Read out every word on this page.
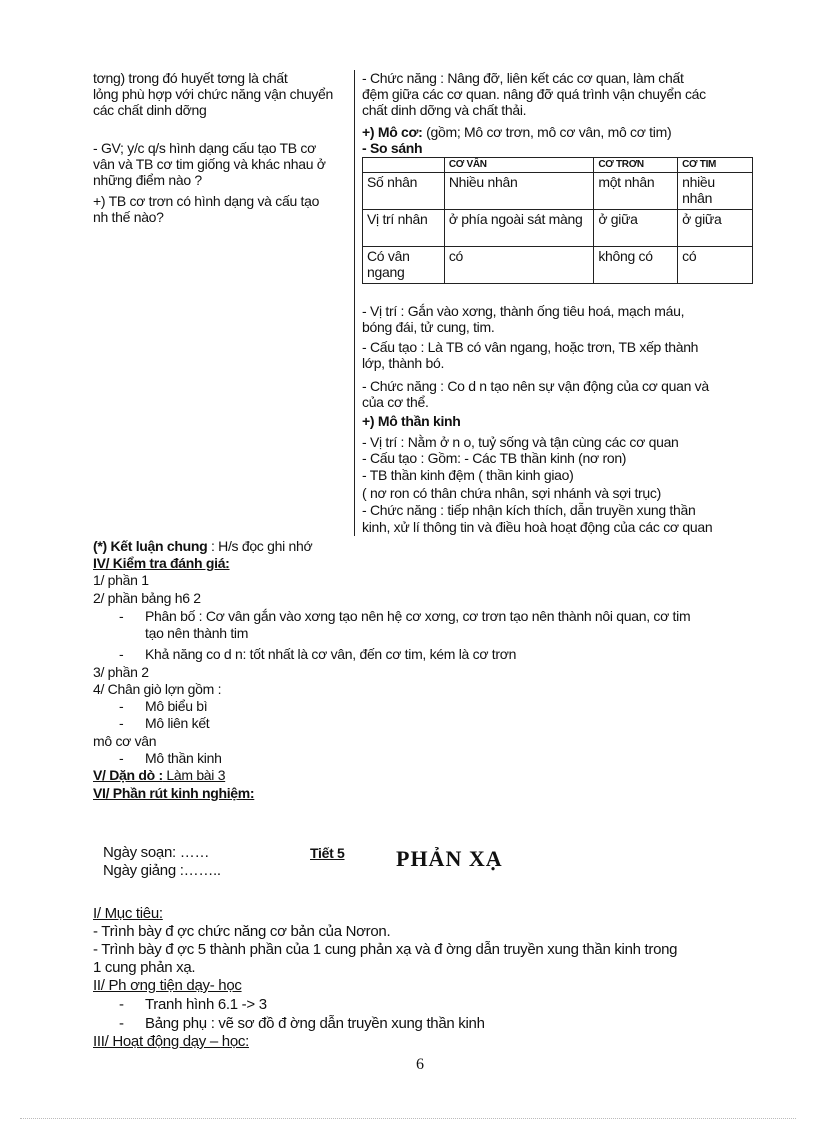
tơng) trong đó huyết tơng là chất
lỏng phù hợp với chức năng vận chuyển
các chất dinh dỡng
- GV; y/c q/s hình dạng cấu tạo TB cơ
vân và TB cơ tim giống và khác nhau ở
những điểm nào ?
+) TB cơ trơn có hình dạng và cấu tạo
nh thế nào?
- Chức năng : Nâng đỡ, liên kết các cơ quan, làm chất
đệm giữa các cơ quan. nâng đỡ quá trình vận chuyển các
chất dinh dỡng và chất thải.
+) Mô cơ: (gồm; Mô cơ trơn, mô cơ vân, mô cơ tim)
- So sánh
	CƠ VÂN	CƠ TRƠN	CƠ TIM
Số nhân	Nhiều nhân	một nhân	nhiều nhân
Vị trí nhân	ở phía ngoài sát màng	ở giữa	ở giữa
Có vân ngang	có	không có	có
- Vị trí : Gắn vào xơng, thành ống tiêu hoá, mạch máu,
bóng đái, tử cung, tim.
- Cấu tạo : Là TB có vân ngang, hoặc trơn, TB xếp thành
lớp, thành bó.
- Chức năng : Co d n tạo nên sự vận động của cơ quan và
của cơ thể.
+) Mô thần kinh
- Vị trí : Nằm ở n o, tuỷ sống và tận cùng các cơ quan
- Cấu tạo : Gồm: - Các TB thần kinh (nơ ron)
- TB thần kinh đệm ( thần kinh giao)
( nơ ron có thân chứa nhân, sợi nhánh và sợi trục)
- Chức năng : tiếp nhận kích thích, dẫn truyền xung thần
kinh, xử lí thông tin và điều hoà hoạt động của các cơ quan
(*) Kết luận chung : H/s đọc ghi nhớ
IV/ Kiểm tra đánh giá:
1/ phần 1
2/ phần bảng h6 2
- Phân bố : Cơ vân gắn vào xơng tạo nên hệ cơ xơng, cơ trơn tạo nên thành nôi quan, cơ tim
tạo nên thành tim
- Khả năng co d n: tốt nhất là cơ vân, đến cơ tim, kém là cơ trơn
3/ phần 2
4/ Chân giò lợn gồm :
- Mô biểu bì
- Mô liên kết
mô cơ vân
- Mô thần kinh
V/ Dặn dò : Làm bài 3
VI/ Phần rút kinh nghiệm:
Ngày soạn: ……
Ngày giảng :……..
Tiết 5 PHẢN XẠ
I/ Mục tiêu:
- Trình bày đ ợc chức năng cơ bản của Nơron.
- Trình bày đ ợc 5 thành phần của 1 cung phản xạ và đ ờng dẫn truyền xung thần kinh trong
1 cung phản xạ.
II/ Ph ơng tiện dạy- học
- Tranh hình 6.1 -> 3
- Bảng phụ : vẽ sơ đồ đ ờng dẫn truyền xung thần kinh
III/ Hoạt động dạy – học:
6
